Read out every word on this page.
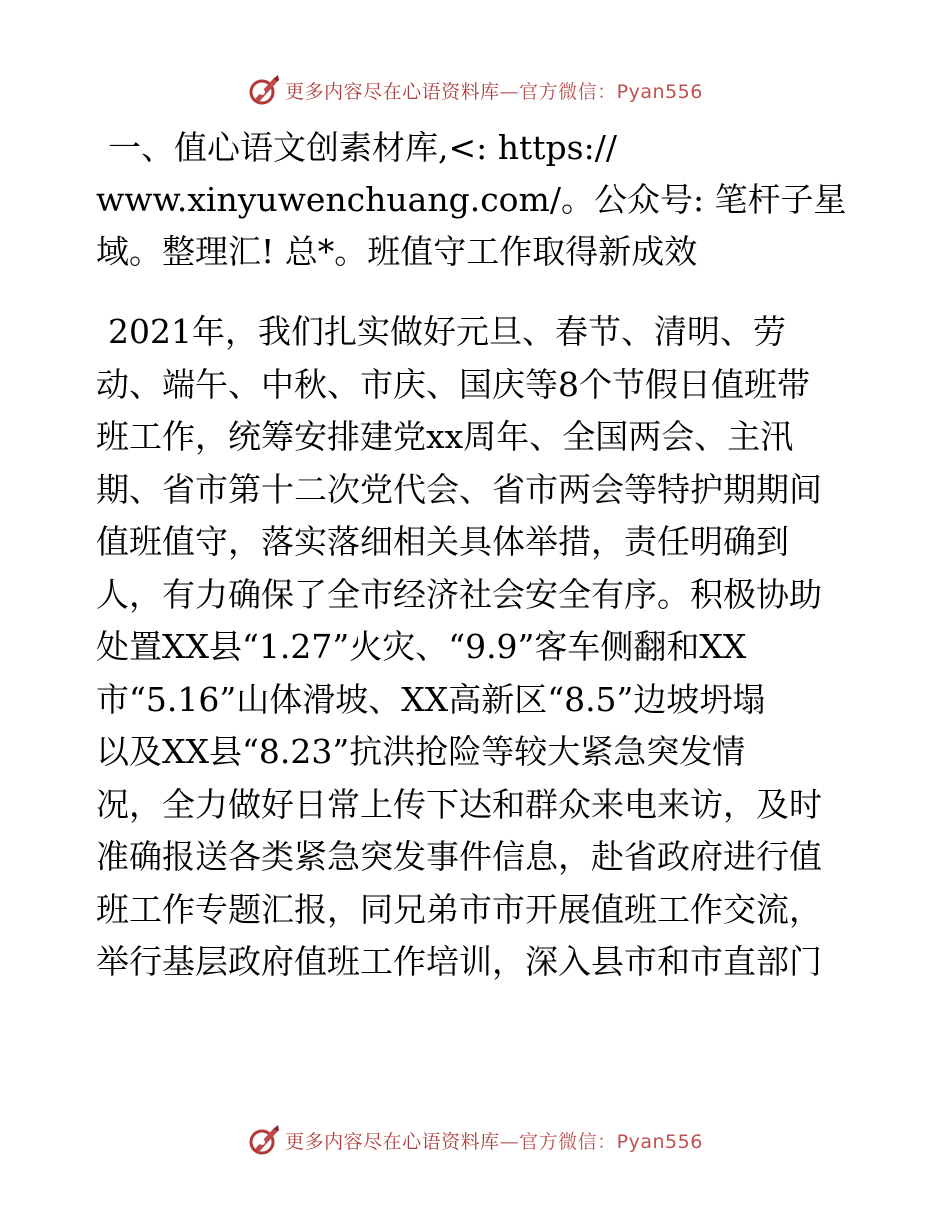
更多内容尽在心语资料库—官方微信：Pyan556
一、值心语文创素材库,<: https://
www.xinyuwenchuang.com/。公众号: 笔杆子星
域。整理汇! 总*。班值守工作取得新成效
2021年，我们扎实做好元旦、春节、清明、劳
动、端午、中秋、市庆、国庆等8个节假日值班带
班工作，统筹安排建党xx周年、全国两会、主汛
期、省市第十二次党代会、省市两会等特护期期间
值班值守，落实落细相关具体举措，责任明确到
人，有力确保了全市经济社会安全有序。积极协助
处置XX县“1.27”火灾、“9.9”客车侧翻和XX
市“5.16”山体滑坡、XX高新区“8.5”边坡坍塌
以及XX县“8.23”抗洪抢险等较大紧急突发情
况，全力做好日常上传下达和群众来电来访，及时
准确报送各类紧急突发事件信息，赴省政府进行值
班工作专题汇报，同兄弟市市开展值班工作交流，
举行基层政府值班工作培训，深入县市和市直部门
更多内容尽在心语资料库—官方微信：Pyan556
